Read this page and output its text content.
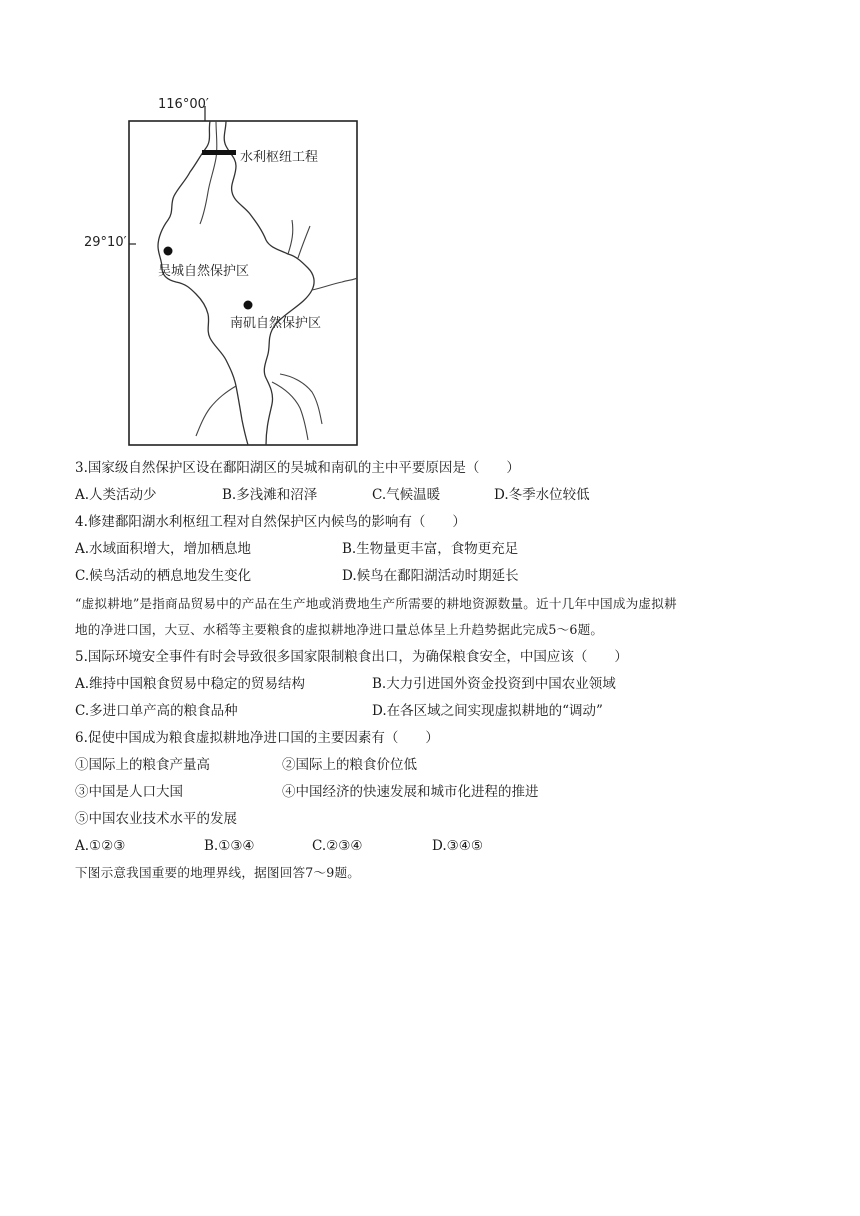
116°00′
29°10′
水利枢纽工程
吴城自然保护区
南矶自然保护区
3.国家级自然保护区设在鄱阳湖区的吴城和南矶的主中平要原因是（　　）
A.人类活动少	B.多浅滩和沼泽	C.气候温暖	D.冬季水位较低
4.修建鄱阳湖水利枢纽工程对自然保护区内候鸟的影响有（　　）
A.水域面积增大，增加栖息地	B.生物量更丰富，食物更充足
C.候鸟活动的栖息地发生变化	D.候鸟在鄱阳湖活动时期延长
“虚拟耕地”是指商品贸易中的产品在生产地或消费地生产所需要的耕地资源数量。近十几年中国成为虚拟耕
地的净进口国，大豆、水稻等主要粮食的虚拟耕地净进口量总体呈上升趋势据此完成5～6题。
5.国际环境安全事件有时会导致很多国家限制粮食出口，为确保粮食安全，中国应该（　　）
A.维持中国粮食贸易中稳定的贸易结构	B.大力引进国外资金投资到中国农业领域
C.多进口单产高的粮食品种	D.在各区域之间实现虚拟耕地的“调动”
6.促使中国成为粮食虚拟耕地净进口国的主要因素有（　　）
①国际上的粮食产量高	②国际上的粮食价位低
③中国是人口大国	④中国经济的快速发展和城市化进程的推进
⑤中国农业技术水平的发展
A.①②③	B.①③④	C.②③④	D.③④⑤
下图示意我国重要的地理界线，据图回答7～9题。
